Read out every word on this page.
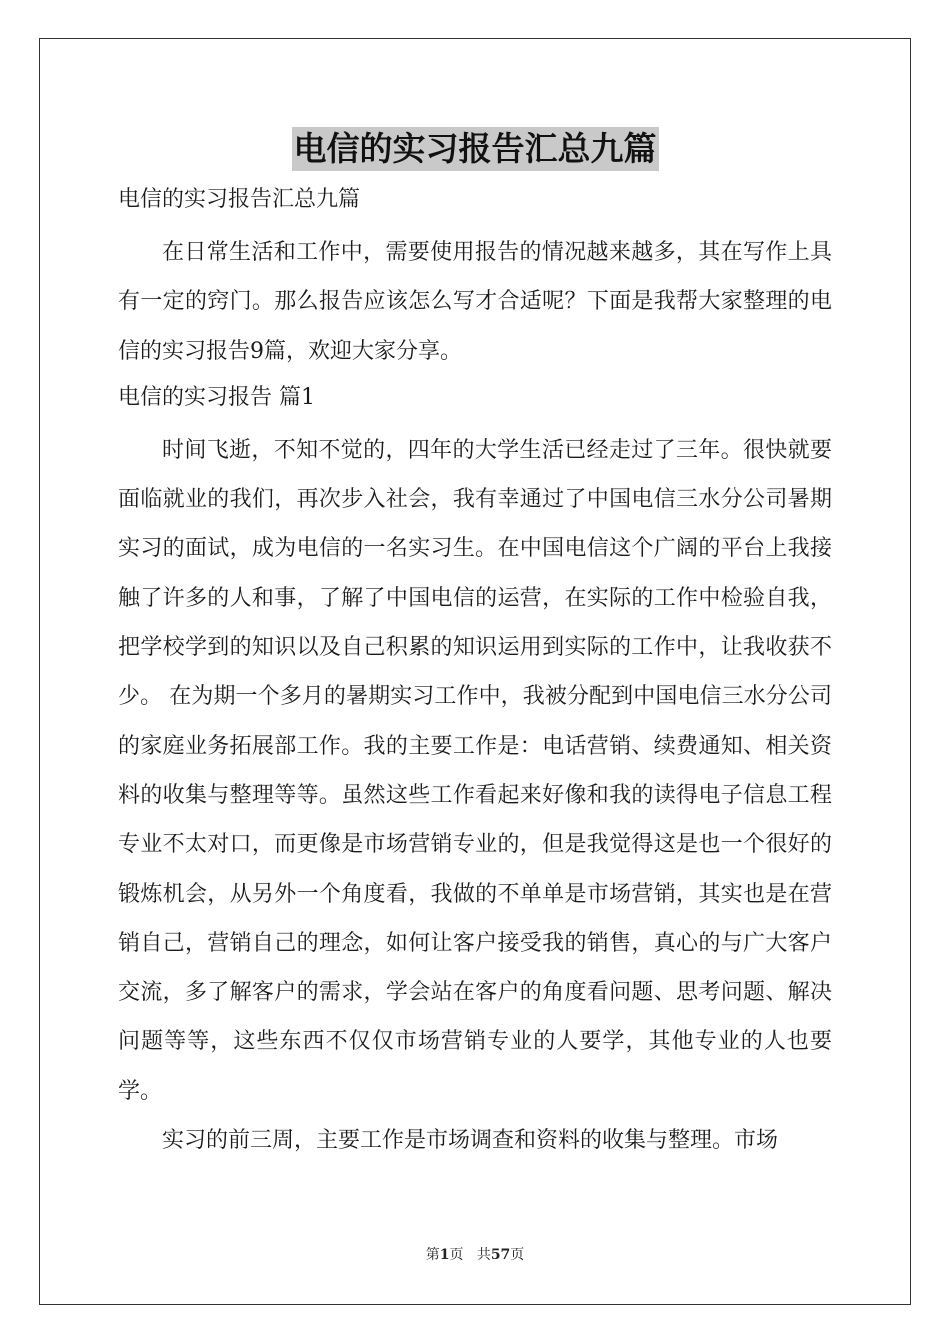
电信的实习报告汇总九篇
电信的实习报告汇总九篇

在日常生活和工作中，需要使用报告的情况越来越多，其在写作上具有一定的窍门。那么报告应该怎么写才合适呢？下面是我帮大家整理的电信的实习报告9篇，欢迎大家分享。

电信的实习报告 篇1

时间飞逝，不知不觉的，四年的大学生活已经走过了三年。很快就要面临就业的我们，再次步入社会，我有幸通过了中国电信三水分公司暑期实习的面试，成为电信的一名实习生。在中国电信这个广阔的平台上我接触了许多的人和事，了解了中国电信的运营，在实际的工作中检验自我，把学校学到的知识以及自己积累的知识运用到实际的工作中，让我收获不少。 在为期一个多月的暑期实习工作中，我被分配到中国电信三水分公司的家庭业务拓展部工作。我的主要工作是：电话营销、续费通知、相关资料的收集与整理等等。虽然这些工作看起来好像和我的读得电子信息工程专业不太对口，而更像是市场营销专业的，但是我觉得这是也一个很好的锻炼机会，从另外一个角度看，我做的不单单是市场营销，其实也是在营销自己，营销自己的理念，如何让客户接受我的销售，真心的与广大客户交流，多了解客户的需求，学会站在客户的角度看问题、思考问题、解决问题等等，这些东西不仅仅市场营销专业的人要学，其他专业的人也要学。

实习的前三周，主要工作是市场调查和资料的收集与整理。市场

第1页 共57页
